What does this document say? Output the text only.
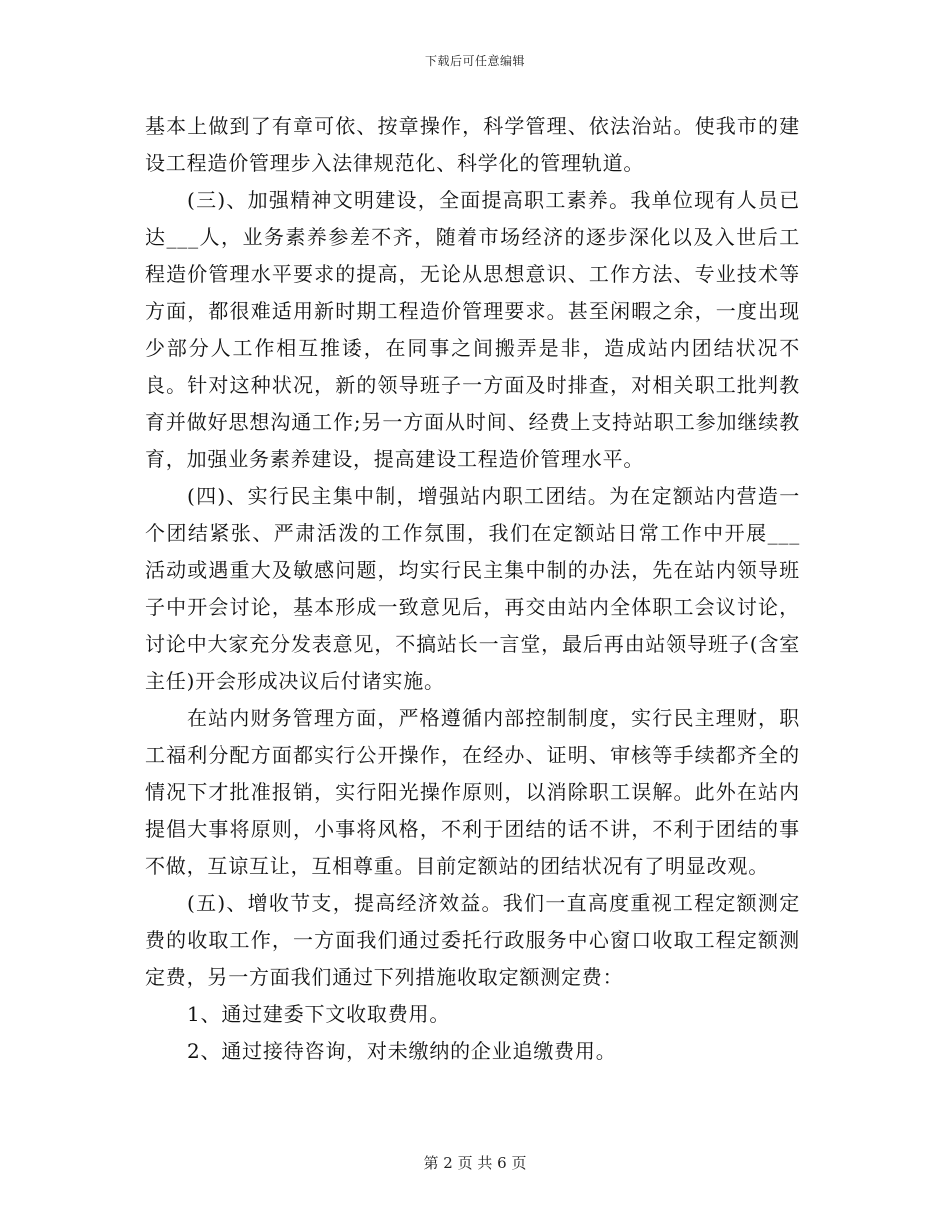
下载后可任意编辑

基本上做到了有章可依、按章操作，科学管理、依法治站。使我市的建设工程造价管理步入法律规范化、科学化的管理轨道。

(三)、加强精神文明建设，全面提高职工素养。我单位现有人员已达___人，业务素养参差不齐，随着市场经济的逐步深化以及入世后工程造价管理水平要求的提高，无论从思想意识、工作方法、专业技术等方面，都很难适用新时期工程造价管理要求。甚至闲暇之余，一度出现少部分人工作相互推诿，在同事之间搬弄是非，造成站内团结状况不良。针对这种状况，新的领导班子一方面及时排查，对相关职工批判教育并做好思想沟通工作;另一方面从时间、经费上支持站职工参加继续教育，加强业务素养建设，提高建设工程造价管理水平。

(四)、实行民主集中制，增强站内职工团结。为在定额站内营造一个团结紧张、严肃活泼的工作氛围，我们在定额站日常工作中开展___活动或遇重大及敏感问题，均实行民主集中制的办法，先在站内领导班子中开会讨论，基本形成一致意见后，再交由站内全体职工会议讨论，讨论中大家充分发表意见，不搞站长一言堂，最后再由站领导班子(含室主任)开会形成决议后付诸实施。

在站内财务管理方面，严格遵循内部控制制度，实行民主理财，职工福利分配方面都实行公开操作，在经办、证明、审核等手续都齐全的情况下才批准报销，实行阳光操作原则，以消除职工误解。此外在站内提倡大事将原则，小事将风格，不利于团结的话不讲，不利于团结的事不做，互谅互让，互相尊重。目前定额站的团结状况有了明显改观。

(五)、增收节支，提高经济效益。我们一直高度重视工程定额测定费的收取工作，一方面我们通过委托行政服务中心窗口收取工程定额测定费，另一方面我们通过下列措施收取定额测定费：

1、通过建委下文收取费用。

2、通过接待咨询，对未缴纳的企业追缴费用。

第 2 页 共 6 页
